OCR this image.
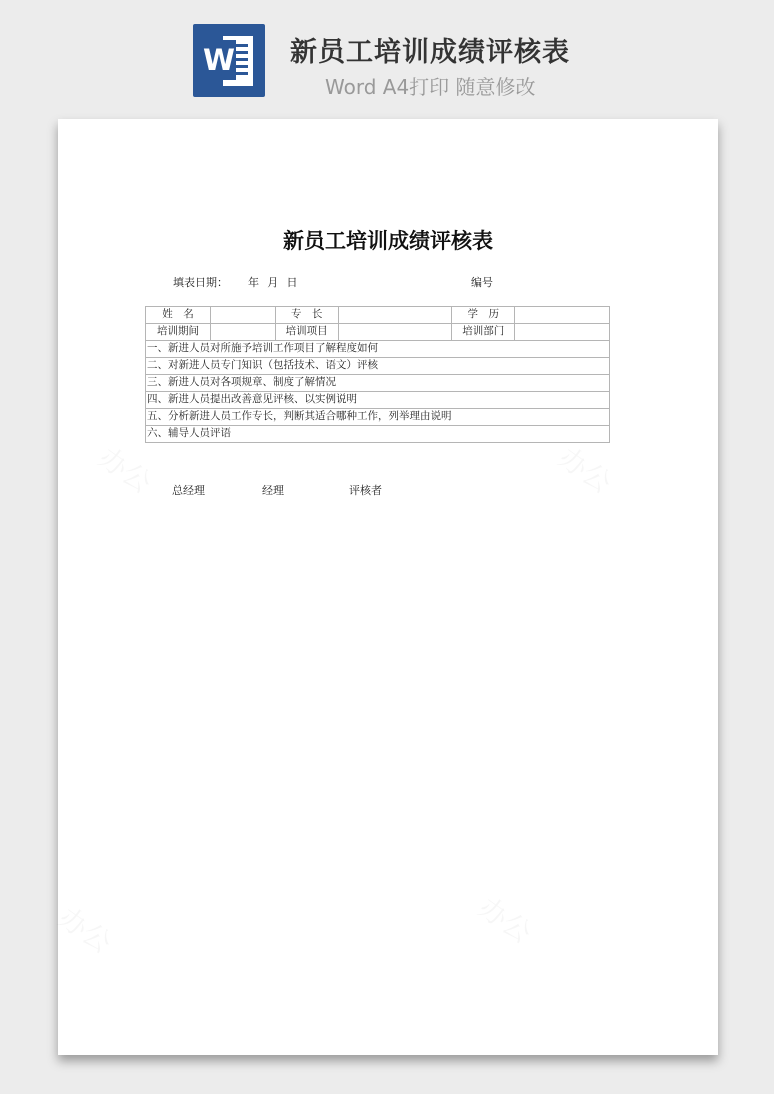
W 新员工培训成绩评核表
Word A4打印 随意修改
新员工培训成绩评核表
填表日期： 年   月   日	编号
姓    名		专    长		学    历	
培训期间		培训项目		培训部门	
一、新进人员对所施予培训工作项目了解程度如何					
二、对新进人员专门知识（包括技术、语文）评核					
三、新进人员对各项规章、制度了解情况					
四、新进人员提出改善意见评核、以实例说明					
五、分析新进人员工作专长，判断其适合哪种工作，列举理由说明					
六、辅导人员评语					
总经理	经理	评核者
